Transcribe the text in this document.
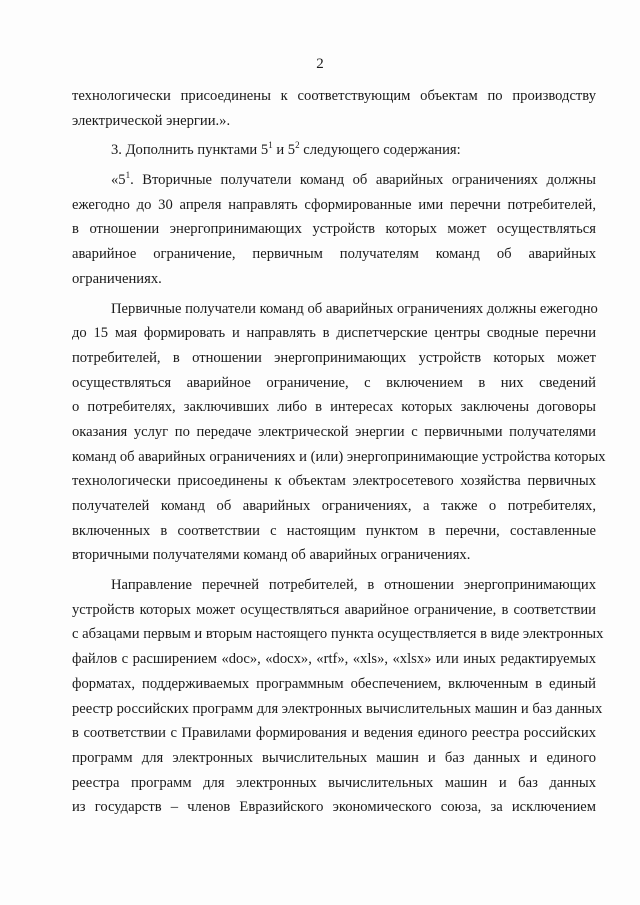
2
технологически присоединены к соответствующим объектам по производству
электрической энергии.».
3. Дополнить пунктами $5^1$ и $5^2$ следующего содержания:
«$5^1$. Вторичные получатели команд об аварийных ограничениях должны
ежегодно до 30 апреля направлять сформированные ими перечни потребителей,
в отношении энергопринимающих устройств которых может осуществляться
аварийное ограничение, первичным получателям команд об аварийных
ограничениях.
Первичные получатели команд об аварийных ограничениях должны ежегодно
до 15 мая формировать и направлять в диспетчерские центры сводные перечни
потребителей, в отношении энергопринимающих устройств которых может
осуществляться аварийное ограничение, с включением в них сведений
о потребителях, заключивших либо в интересах которых заключены договоры
оказания услуг по передаче электрической энергии с первичными получателями
команд об аварийных ограничениях и (или) энергопринимающие устройства которых
технологически присоединены к объектам электросетевого хозяйства первичных
получателей команд об аварийных ограничениях, а также о потребителях,
включенных в соответствии с настоящим пунктом в перечни, составленные
вторичными получателями команд об аварийных ограничениях.
Направление перечней потребителей, в отношении энергопринимающих
устройств которых может осуществляться аварийное ограничение, в соответствии
с абзацами первым и вторым настоящего пункта осуществляется в виде электронных
файлов с расширением «doc», «docx», «rtf», «xls», «xlsx» или иных редактируемых
форматах, поддерживаемых программным обеспечением, включенным в единый
реестр российских программ для электронных вычислительных машин и баз данных
в соответствии с Правилами формирования и ведения единого реестра российских
программ для электронных вычислительных машин и баз данных и единого
реестра программ для электронных вычислительных машин и баз данных
из государств – членов Евразийского экономического союза, за исключением
